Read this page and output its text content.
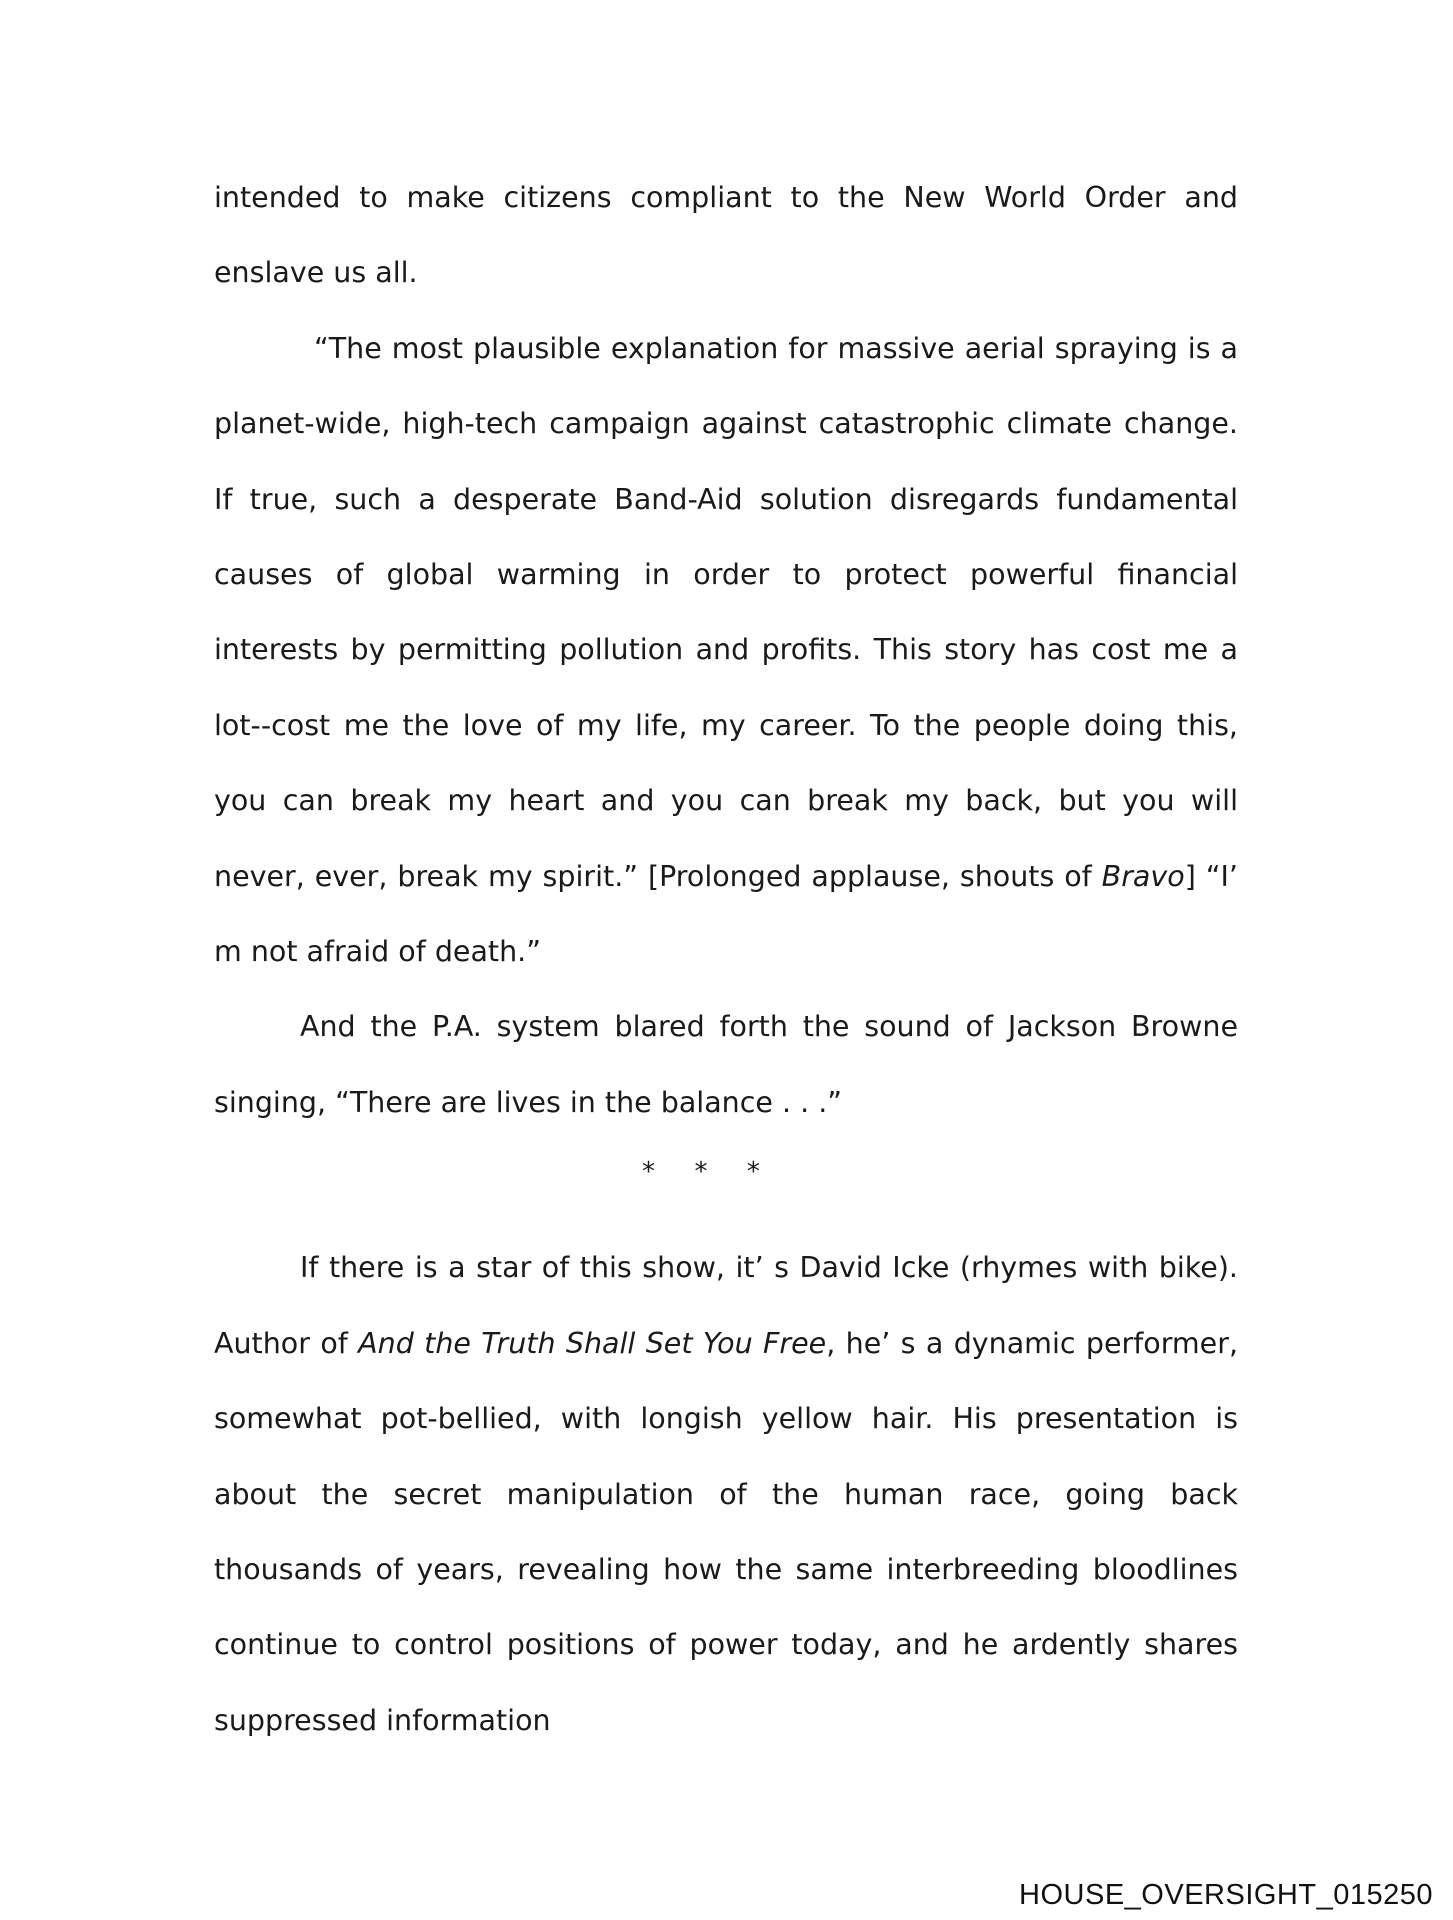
intended to make citizens compliant to the New World Order and enslave us all.

“The most plausible explanation for massive aerial spraying is a planet-wide, high-tech campaign against catastrophic climate change. If true, such a desperate Band-Aid solution disregards fundamental causes of global warming in order to protect powerful financial interests by permitting pollution and profits. This story has cost me a lot--cost me the love of my life, my career. To the people doing this, you can break my heart and you can break my back, but you will never, ever, break my spirit.” [Prolonged applause, shouts of Bravo] “I’ m not afraid of death.”

And the P.A. system blared forth the sound of Jackson Browne singing, “There are lives in the balance . . .”

* * *

If there is a star of this show, it’ s David Icke (rhymes with bike). Author of And the Truth Shall Set You Free, he’ s a dynamic performer, somewhat pot-bellied, with longish yellow hair. His presentation is about the secret manipulation of the human race, going back thousands of years, revealing how the same interbreeding bloodlines continue to control positions of power today, and he ardently shares suppressed information

HOUSE_OVERSIGHT_015250
